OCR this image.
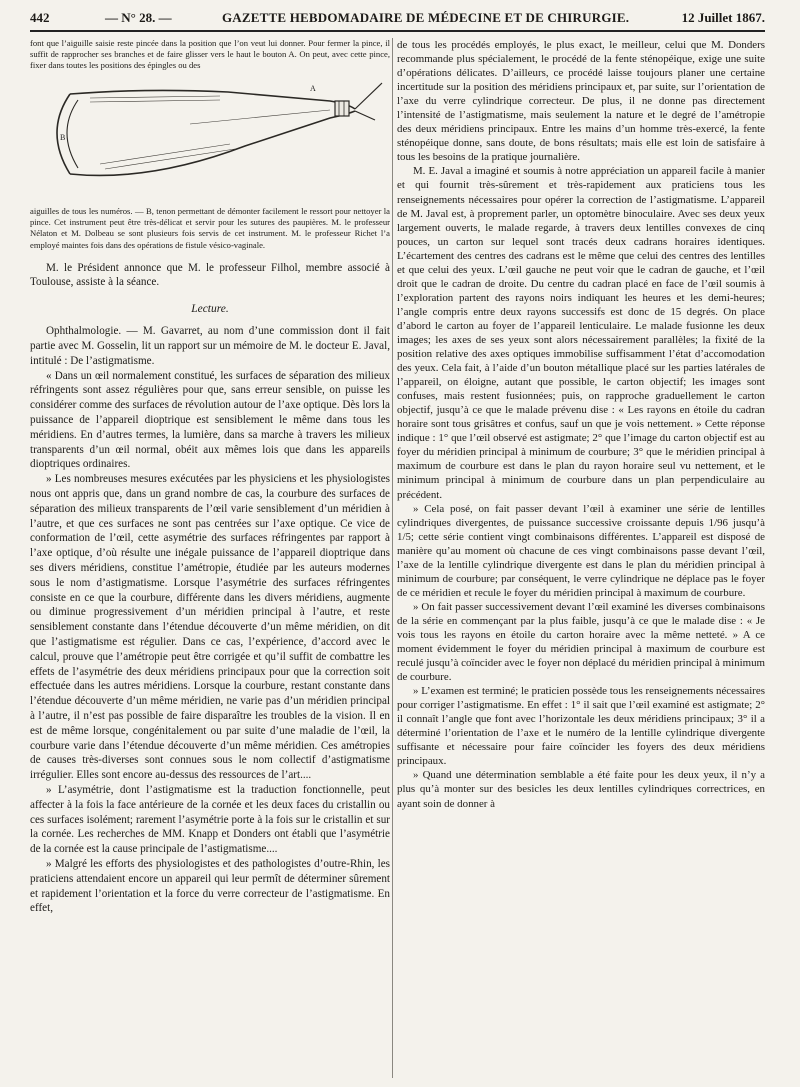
442	— N° 28. —	GAZETTE HEBDOMADAIRE DE MÉDECINE ET DE CHIRURGIE.	12 Juillet 1867.

font que l’aiguille saisie reste pincée dans la position que l’on veut lui donner. Pour fermer la pince, il suffit de rapprocher ses branches et de faire glisser vers le haut le bouton A. On peut, avec cette pince, fixer dans toutes les positions des épingles ou des

A
B

aiguilles de tous les numéros. — B, tenon permettant de démonter facilement le ressort pour nettoyer la pince. Cet instrument peut être très-délicat et servir pour les sutures des paupières. M. le professeur Nélaton et M. Dolbeau se sont plusieurs fois servis de cet instrument. M. le professeur Richet l’a employé maintes fois dans des opérations de fistule vésico-vaginale.

M. le Président annonce que M. le professeur Filhol, membre associé à Toulouse, assiste à la séance.

Lecture.

Ophthalmologie. — M. Gavarret, au nom d’une commission dont il fait partie avec M. Gosselin, lit un rapport sur un mémoire de M. le docteur E. Javal, intitulé : De l’astigmatisme.

« Dans un œil normalement constitué, les surfaces de séparation des milieux réfringents sont assez régulières pour que, sans erreur sensible, on puisse les considérer comme des surfaces de révolution autour de l’axe optique. Dès lors la puissance de l’appareil dioptrique est sensiblement le même dans tous les méridiens. En d’autres termes, la lumière, dans sa marche à travers les milieux transparents d’un œil normal, obéit aux mêmes lois que dans les appareils dioptriques ordinaires.

» Les nombreuses mesures exécutées par les physiciens et les physiologistes nous ont appris que, dans un grand nombre de cas, la courbure des surfaces de séparation des milieux transparents de l’œil varie sensiblement d’un méridien à l’autre, et que ces surfaces ne sont pas centrées sur l’axe optique. Ce vice de conformation de l’œil, cette asymétrie des surfaces réfringentes par rapport à l’axe optique, d’où résulte une inégale puissance de l’appareil dioptrique dans ses divers méridiens, constitue l’amétropie, étudiée par les auteurs modernes sous le nom d’astigmatisme. Lorsque l’asymétrie des surfaces réfringentes consiste en ce que la courbure, différente dans les divers méridiens, augmente ou diminue progressivement d’un méridien principal à l’autre, et reste sensiblement constante dans l’étendue découverte d’un même méridien, on dit que l’astigmatisme est régulier. Dans ce cas, l’expérience, d’accord avec le calcul, prouve que l’amétropie peut être corrigée et qu’il suffit de combattre les effets de l’asymétrie des deux méridiens principaux pour que la correction soit effectuée dans les autres méridiens. Lorsque la courbure, restant constante dans l’étendue découverte d’un même méridien, ne varie pas d’un méridien principal à l’autre, il n’est pas possible de faire disparaître les troubles de la vision. Il en est de même lorsque, congénitalement ou par suite d’une maladie de l’œil, la courbure varie dans l’étendue découverte d’un même méridien. Ces amétropies de causes très-diverses sont connues sous le nom collectif d’astigmatisme irrégulier. Elles sont encore au-dessus des ressources de l’art....

» L’asymétrie, dont l’astigmatisme est la traduction fonctionnelle, peut affecter à la fois la face antérieure de la cornée et les deux faces du cristallin ou ces surfaces isolément; rarement l’asymétrie porte à la fois sur le cristallin et sur la cornée. Les recherches de MM. Knapp et Donders ont établi que l’asymétrie de la cornée est la cause principale de l’astigmatisme....

» Malgré les efforts des physiologistes et des pathologistes d’outre-Rhin, les praticiens attendaient encore un appareil qui leur permît de déterminer sûrement et rapidement l’orientation et la force du verre correcteur de l’astigmatisme. En effet,

de tous les procédés employés, le plus exact, le meilleur, celui que M. Donders recommande plus spécialement, le procédé de la fente sténopéique, exige une suite d’opérations délicates. D’ailleurs, ce procédé laisse toujours planer une certaine incertitude sur la position des méridiens principaux et, par suite, sur l’orientation de l’axe du verre cylindrique correcteur. De plus, il ne donne pas directement l’intensité de l’astigmatisme, mais seulement la nature et le degré de l’amétropie des deux méridiens principaux. Entre les mains d’un homme très-exercé, la fente sténopéique donne, sans doute, de bons résultats; mais elle est loin de satisfaire à tous les besoins de la pratique journalière.

M. E. Javal a imaginé et soumis à notre appréciation un appareil facile à manier et qui fournit très-sûrement et très-rapidement aux praticiens tous les renseignements nécessaires pour opérer la correction de l’astigmatisme. L’appareil de M. Javal est, à proprement parler, un optomètre binoculaire. Avec ses deux yeux largement ouverts, le malade regarde, à travers deux lentilles convexes de cinq pouces, un carton sur lequel sont tracés deux cadrans horaires identiques. L’écartement des centres des cadrans est le même que celui des centres des lentilles et que celui des yeux. L’œil gauche ne peut voir que le cadran de gauche, et l’œil droit que le cadran de droite. Du centre du cadran placé en face de l’œil soumis à l’exploration partent des rayons noirs indiquant les heures et les demi-heures; l’angle compris entre deux rayons successifs est donc de 15 degrés. On place d’abord le carton au foyer de l’appareil lenticulaire. Le malade fusionne les deux images; les axes de ses yeux sont alors nécessairement parallèles; la fixité de la position relative des axes optiques immobilise suffisamment l’état d’accomodation des yeux. Cela fait, à l’aide d’un bouton métallique placé sur les parties latérales de l’appareil, on éloigne, autant que possible, le carton objectif; les images sont confuses, mais restent fusionnées; puis, on rapproche graduellement le carton objectif, jusqu’à ce que le malade prévenu dise : « Les rayons en étoile du cadran horaire sont tous grisâtres et confus, sauf un que je vois nettement. » Cette réponse indique : 1° que l’œil observé est astigmate; 2° que l’image du carton objectif est au foyer du méridien principal à minimum de courbure; 3° que le méridien principal à maximum de courbure est dans le plan du rayon horaire seul vu nettement, et le minimum principal à minimum de courbure dans un plan perpendiculaire au précédent.

» Cela posé, on fait passer devant l’œil à examiner une série de lentilles cylindriques divergentes, de puissance successive croissante depuis 1/96 jusqu’à 1/5; cette série contient vingt combinaisons différentes. L’appareil est disposé de manière qu’au moment où chacune de ces vingt combinaisons passe devant l’œil, l’axe de la lentille cylindrique divergente est dans le plan du méridien principal à minimum de courbure; par conséquent, le verre cylindrique ne déplace pas le foyer de ce méridien et recule le foyer du méridien principal à maximum de courbure.

» On fait passer successivement devant l’œil examiné les diverses combinaisons de la série en commençant par la plus faible, jusqu’à ce que le malade dise : « Je vois tous les rayons en étoile du carton horaire avec la même netteté. » A ce moment évidemment le foyer du méridien principal à maximum de courbure est reculé jusqu’à coïncider avec le foyer non déplacé du méridien principal à minimum de courbure.

» L’examen est terminé; le praticien possède tous les renseignements nécessaires pour corriger l’astigmatisme. En effet : 1° il sait que l’œil examiné est astigmate; 2° il connaît l’angle que font avec l’horizontale les deux méridiens principaux; 3° il a déterminé l’orientation de l’axe et le numéro de la lentille cylindrique divergente suffisante et nécessaire pour faire coïncider les foyers des deux méridiens principaux.

» Quand une détermination semblable a été faite pour les deux yeux, il n’y a plus qu’à monter sur des besicles les deux lentilles cylindriques correctrices, en ayant soin de donner à
